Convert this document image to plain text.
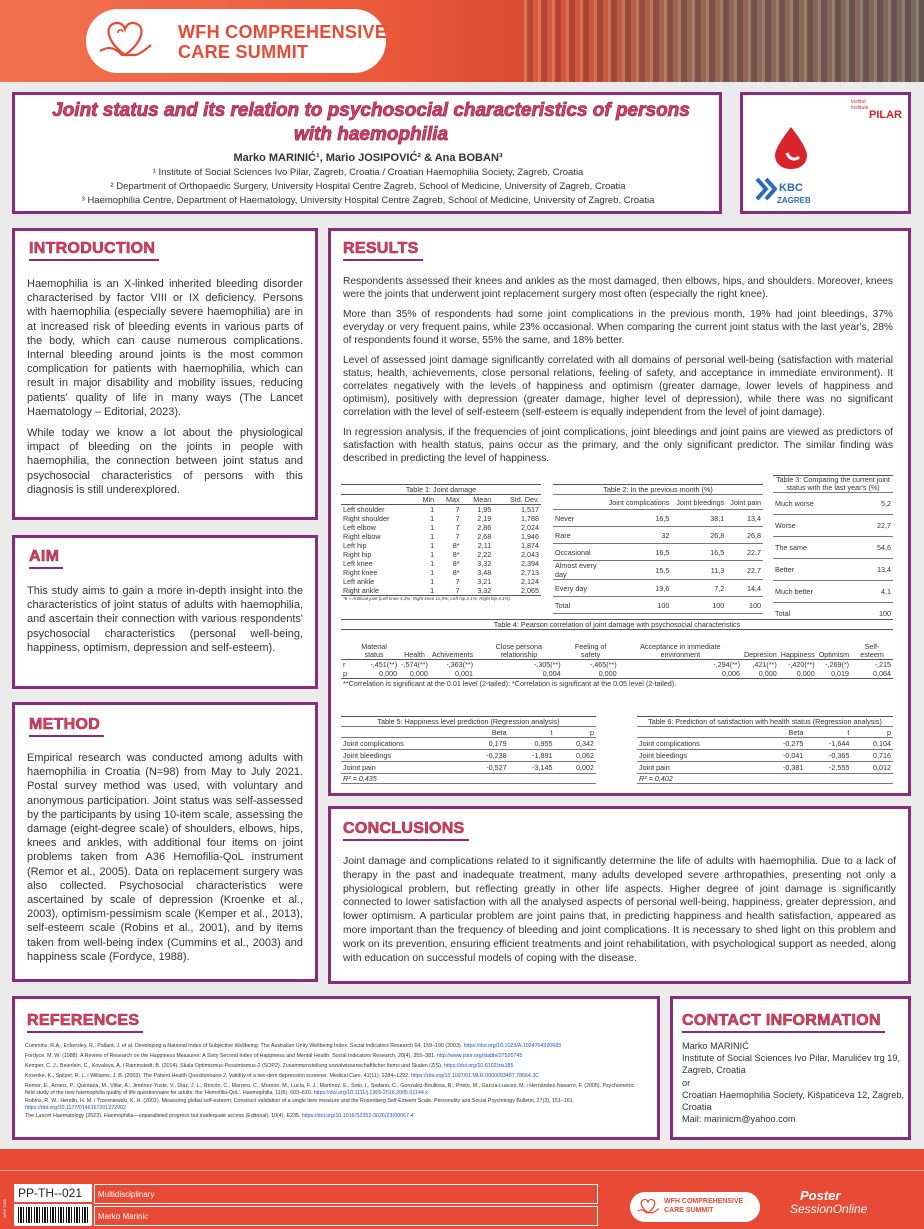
WFH COMPREHENSIVE
CARE SUMMIT
Joint status and its relation to psychosocial characteristics of persons with haemophilia
Marko MARINIĆ¹, Mario JOSIPOVIĆ² & Ana BOBAN³
¹ Institute of Social Sciences Ivo Pilar, Zagreb, Croatia / Croatian Haemophilia Society, Zagreb, Croatia
² Department of Orthopaedic Surgery, University Hospital Centre Zagreb, School of Medicine, University of Zagreb, Croatia
³ Haemophilia Centre, Department of Haematology, University Hospital Centre Zagreb, School of Medicine, University of Zagreb, Croatia
Institut
Institute
PILAR
KBC
ZAGREB
INTRODUCTION

Haemophilia is an X-linked inherited bleeding disorder characterised by factor VIII or IX deficiency. Persons with haemophilia (especially severe haemophilia) are in at increased risk of bleeding events in various parts of the body, which can cause numerous complications. Internal bleeding around joints is the most common complication for patients with haemophilia, which can result in major disability and mobility issues, reducing patients' quality of life in many ways (The Lancet Haematology – Editorial, 2023).

While today we know a lot about the physiological impact of bleeding on the joints in people with haemophilia, the connection between joint status and psychosocial characteristics of persons with this diagnosis is still underexplored.

AIM

This study aims to gain a more in-depth insight into the characteristics of joint status of adults with haemophilia, and ascertain their connection with various respondents' psychosocial characteristics (personal well-being, happiness, optimism, depression and self-esteem).

METHOD

Empirical research was conducted among adults with haemophilia in Croatia (N=98) from May to July 2021. Postal survey method was used, with voluntary and anonymous participation. Joint status was self-assessed by the participants by using 10-item scale, assessing the damage (eight-degree scale) of shoulders, elbows, hips, knees and ankles, with additional four items on joint problems taken from A36 Hemofilia-QoL instrument (Remor et al., 2005). Data on replacement surgery was also collected. Psychosocial characteristics were ascertained by scale of depression (Kroenke et al., 2003), optimism-pessimism scale (Kemper et al., 2013), self-esteem scale (Robins et al., 2001), and by items taken from well-being index (Cummins et al., 2003) and happiness scale (Fordyce, 1988).

RESULTS

Respondents assessed their knees and ankles as the most damaged, then elbows, hips, and shoulders. Moreover, knees were the joints that underwent joint replacement surgery most often (especially the right knee).

More than 35% of respondents had some joint complications in the previous month, 19% had joint bleedings, 37% everyday or very frequent pains, while 23% occasional. When comparing the current joint status with the last year's, 28% of respondents found it worse, 55% the same, and 18% better.

Level of assessed joint damage significantly correlated with all domains of personal well-being (satisfaction with material status, health, achievements, close personal relations, feeling of safety, and acceptance in immediate environment). It correlates negatively with the levels of happiness and optimism (greater damage, lower levels of happiness and optimism), positively with depression (greater damage, higher level of depression), while there was no significant correlation with the level of self-esteem (self-esteem is equally independent from the level of joint damage).

In regression analysis, if the frequencies of joint complications, joint bleedings and joint pains are viewed as predictors of satisfaction with health status, pains occur as the primary, and the only significant predictor. The similar finding was described in predicting the level of happiness.

Table 1: Joint damage				
	Min	Max	Mean	Std. Dev.
Left shoulder	1	7	1,95	1,517
Right shoulder	1	7	2,19	1,788
Left elbow	1	7	2,86	2,024
Right elbow	1	7	2,68	1,946
Left hip	1	8*	2,11	1,874
Right hip	1	8*	2,22	2,043
Left knee	1	8*	3,32	2,394
Right knee	1	8*	3,48	2,713
Left ankle	1	7	3,21	2,124
Right ankle	1	7	3,32	2,065
*8 = Artificial joint (Left knee 4,3%; Right knee 11,9%; Left hip 2,1%; Right hip 4,1%)				
Table 2: In the previous month (%)			
	Joint complications	Joint bleedings	Joint pain
Never	16,5	38,1	13,4
Rare	32	26,8	26,8
Occasional	16,5	16,5	22,7
Almost every day	15,5	11,3	22,7
Every day	19,6	7,2	14,4
Total	100	100	100
Table 3: Comparing the current joint status with the last year's (%)	
Much worse	5,2
Worse	22,7
The same	54,6
Better	13,4
Much better	4,1
Total	100
Table 4: Pearson correlation of joint damage with psychosocial characteristics										
	Material status	Health	Achivements	Close persona relationship	Feeling of safety	Acceptance in immediate environment	Depresion	Happiness	Optimism	Self-esteem
r	-,451(**)	-,574(**)	-,363(**)	-,305(**)	-,465(**)	-,294(**)	,421(**)	-,420(**)	-,269(*)	-,215
p	0,000	0,000	0,001	0,004	0,000	0,006	0,000	0,000	0,019	0,064
**Correlation is significant at the 0.01 level (2-tailed); *Correlation is significant at the 0.05 level (2-tailed).										
Table 5: Happiness level prediction (Regression analysis)			
	Beta	t	p
Joint complications	0,179	0,955	0,342
Joint bleedings	-0,238	-1,891	0,062
Joimt pain	-0,527	-3,145	0,002
R² = 0,435			
Table 6: Prediction of satisfaction with health status (Regression analysis)			
	Beta	t	p
Joint complications	-0,275	-1,644	0,104
Joint bleedings	-0,041	-0,365	0,716
Joint pain	-0,381	-2,555	0,012
R² = 0,402			
CONCLUSIONS

Joint damage and complications related to it significantly determine the life of adults with haemophilia. Due to a lack of therapy in the past and inadequate treatment, many adults developed severe arthropathies, presenting not only a physiological problem, but reflecting greatly in other life aspects. Higher degree of joint damage is significantly connected to lower satisfaction with all the analysed aspects of personal well-being, happiness, greater depression, and lower optimism. A particular problem are joint pains that, in predicting happiness and health satisfaction, appeared as more important than the frequency of bleeding and joint complications. It is necessary to shed light on this problem and work on its prevention, ensuring efficient treatments and joint rehabilitation, with psychological support as needed, along with education on successful models of coping with the disease.

REFERENCES
Cummins, R.A., Eckersley, R., Pallant, J. et al. Developing a National Index of Subjective Wellbeing: The Australian Unity Wellbeing Index. Social Indicators Research 64, 159–190 (2003). https://doi.org/10.1023/A:1024704320683
Fordyce, M. W. (1988). A Review of Research on the Happiness Measures: A Sixty Second Index of Happiness and Mental Health. Social Indicators Research, 20(4), 355–381. http://www.jstor.org/stable/27520745
Kemper, C. J., Beierlein, C., Kovaleva, A. i Rammstedt, B. (2014). Skala Optimismus-Pessimismus-2 (SOP2). Zusammenstellung sozialwissenschaftlicher Items und Skalen (ZIS). https://doi.org/10.6102/zis185
Kroenke, K., Spitzer, R. L. i Williams, J. B. (2003). The Patient Health Questionnaire-2: Validity of a two-item depression screener. Medical Care, 41(11), 1284–1292. https://doi.org/10.1097/01.MLR.0000093487.78664.3C
Remor, E., Arranz, P., Quintana, M., Villar, A., Jiménez-Yuste, V., Diaz, J. L., Rincón, C., Marrero, C., Moreno, M., Lucía, F. J., Martínez, E., Soto, I., Sedano, C., Gonzalez-Boullosa, R., Prieto, M., García-Luaces, M. i Hernández-Navarro, F. (2005). Psychometric field study of the new haemophilia quality of life questionnaire for adults: the 'Hemofilia-QoL'. Haemophilia, 11(6), 603–610. https://doi.org/10.1111/j.1365-2516.2005.01144.x
Robins, R. W., Hendin, H. M. i Trzesniewski, K. H. (2001). Measuring global self-esteem: Construct validation of a single item measure and the Rosenberg Self-Esteem Scale. Personality and Social Psychology Bulletin, 27(2), 151–161. https://doi.org/10.1177/0146167201272002
The Lancet Haematology (2023). Haemophilia—unparalleled progress but inadequate access (Editorial), 10(4), E235. https://doi.org/10.1016/S2352-3026(23)00067-4
CONTACT INFORMATION
Marko MARINIĆ
Institute of Social Sciences Ivo Pilar, Marulićev trg 19, Zagreb, Croatia
or
Croatian Haemophilia Society, Kišpatićeva 12, Zagreb, Croatia
Mail: marinicm@yahoo.com
WFH 2025
PP-TH--021	Multidisciplinary
Marko Marinic
WFH COMPREHENSIVE
CARE SUMMIT
Poster
SessionOnline
